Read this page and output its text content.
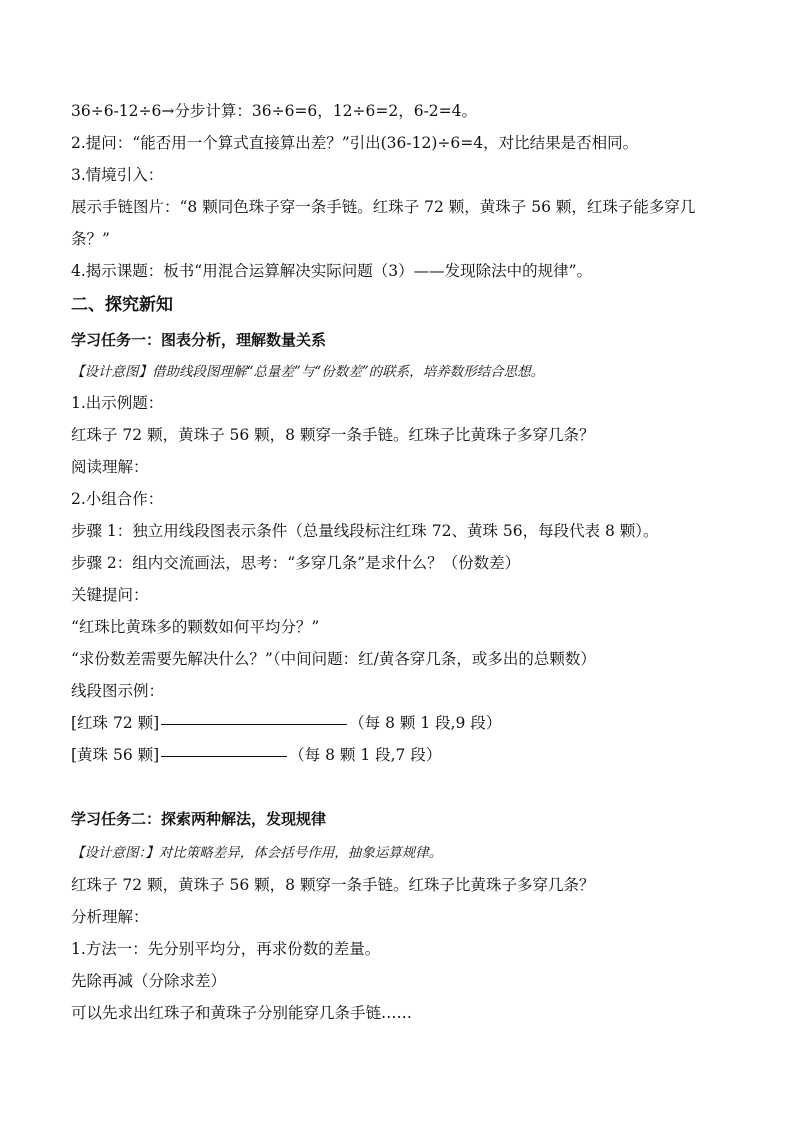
36÷6-12÷6→分步计算：36÷6=6，12÷6=2，6-2=4。
2.提问：“能否用一个算式直接算出差？”引出(36-12)÷6=4，对比结果是否相同。
3.情境引入：
展示手链图片：“8 颗同色珠子穿一条手链。红珠子 72 颗，黄珠子 56 颗，红珠子能多穿几
条？”
4.揭示课题：板书“用混合运算解决实际问题（3）——发现除法中的规律”。
二、探究新知
学习任务一：图表分析，理解数量关系
【设计意图】借助线段图理解“总量差”与“份数差”的联系，培养数形结合思想。
1.出示例题：
红珠子 72 颗，黄珠子 56 颗，8 颗穿一条手链。红珠子比黄珠子多穿几条？
阅读理解：
2.小组合作：
步骤 1：独立用线段图表示条件（总量线段标注红珠 72、黄珠 56，每段代表 8 颗）。
步骤 2：组内交流画法，思考：“多穿几条”是求什么？（份数差）
关键提问：
“红珠比黄珠多的颗数如何平均分？”
“求份数差需要先解决什么？”（中间问题：红/黄各穿几条，或多出的总颗数）
线段图示例：
[红珠 72 颗]	（每 8 颗 1 段,9 段）
[黄珠 56 颗]	（每 8 颗 1 段,7 段）
学习任务二：探索两种解法，发现规律
【设计意图：】对比策略差异，体会括号作用，抽象运算规律。
红珠子 72 颗，黄珠子 56 颗，8 颗穿一条手链。红珠子比黄珠子多穿几条？
分析理解：
1.方法一：先分别平均分，再求份数的差量。
先除再减（分除求差）
可以先求出红珠子和黄珠子分别能穿几条手链……
